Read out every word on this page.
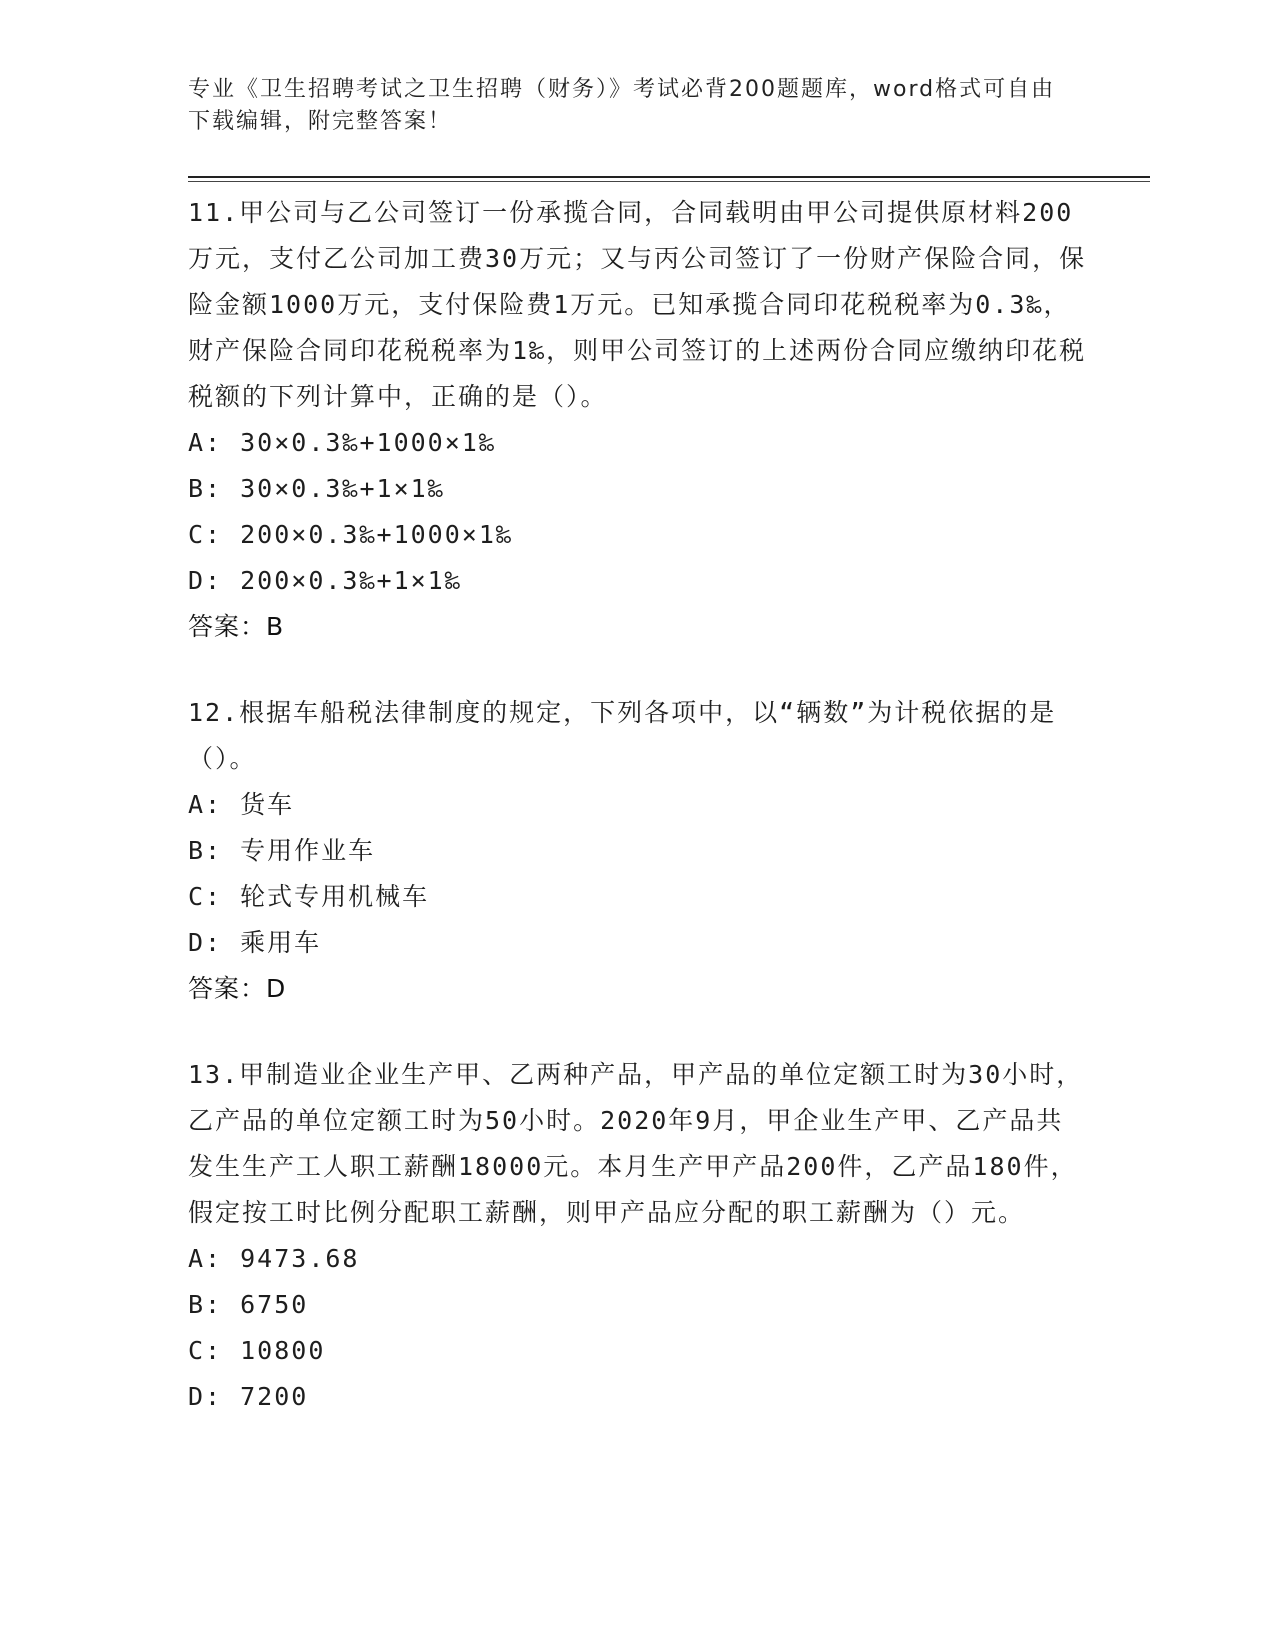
专业《卫生招聘考试之卫生招聘（财务）》考试必背200题题库，word格式可自由下载编辑，附完整答案！

11.甲公司与乙公司签订一份承揽合同，合同载明由甲公司提供原材料200万元，支付乙公司加工费30万元；又与丙公司签订了一份财产保险合同，保险金额1000万元，支付保险费1万元。已知承揽合同印花税税率为0.3‰，财产保险合同印花税税率为1‰，则甲公司签订的上述两份合同应缴纳印花税税额的下列计算中，正确的是（）。

A: 30×0.3‰+1000×1‰

B: 30×0.3‰+1×1‰

C: 200×0.3‰+1000×1‰

D: 200×0.3‰+1×1‰

答案：B

12.根据车船税法律制度的规定，下列各项中，以“辆数”为计税依据的是（）。

A: 货车

B: 专用作业车

C: 轮式专用机械车

D: 乘用车

答案：D

13.甲制造业企业生产甲、乙两种产品，甲产品的单位定额工时为30小时，乙产品的单位定额工时为50小时。2020年9月，甲企业生产甲、乙产品共发生生产工人职工薪酬18000元。本月生产甲产品200件，乙产品180件，假定按工时比例分配职工薪酬，则甲产品应分配的职工薪酬为（）元。

A: 9473.68

B: 6750

C: 10800

D: 7200
